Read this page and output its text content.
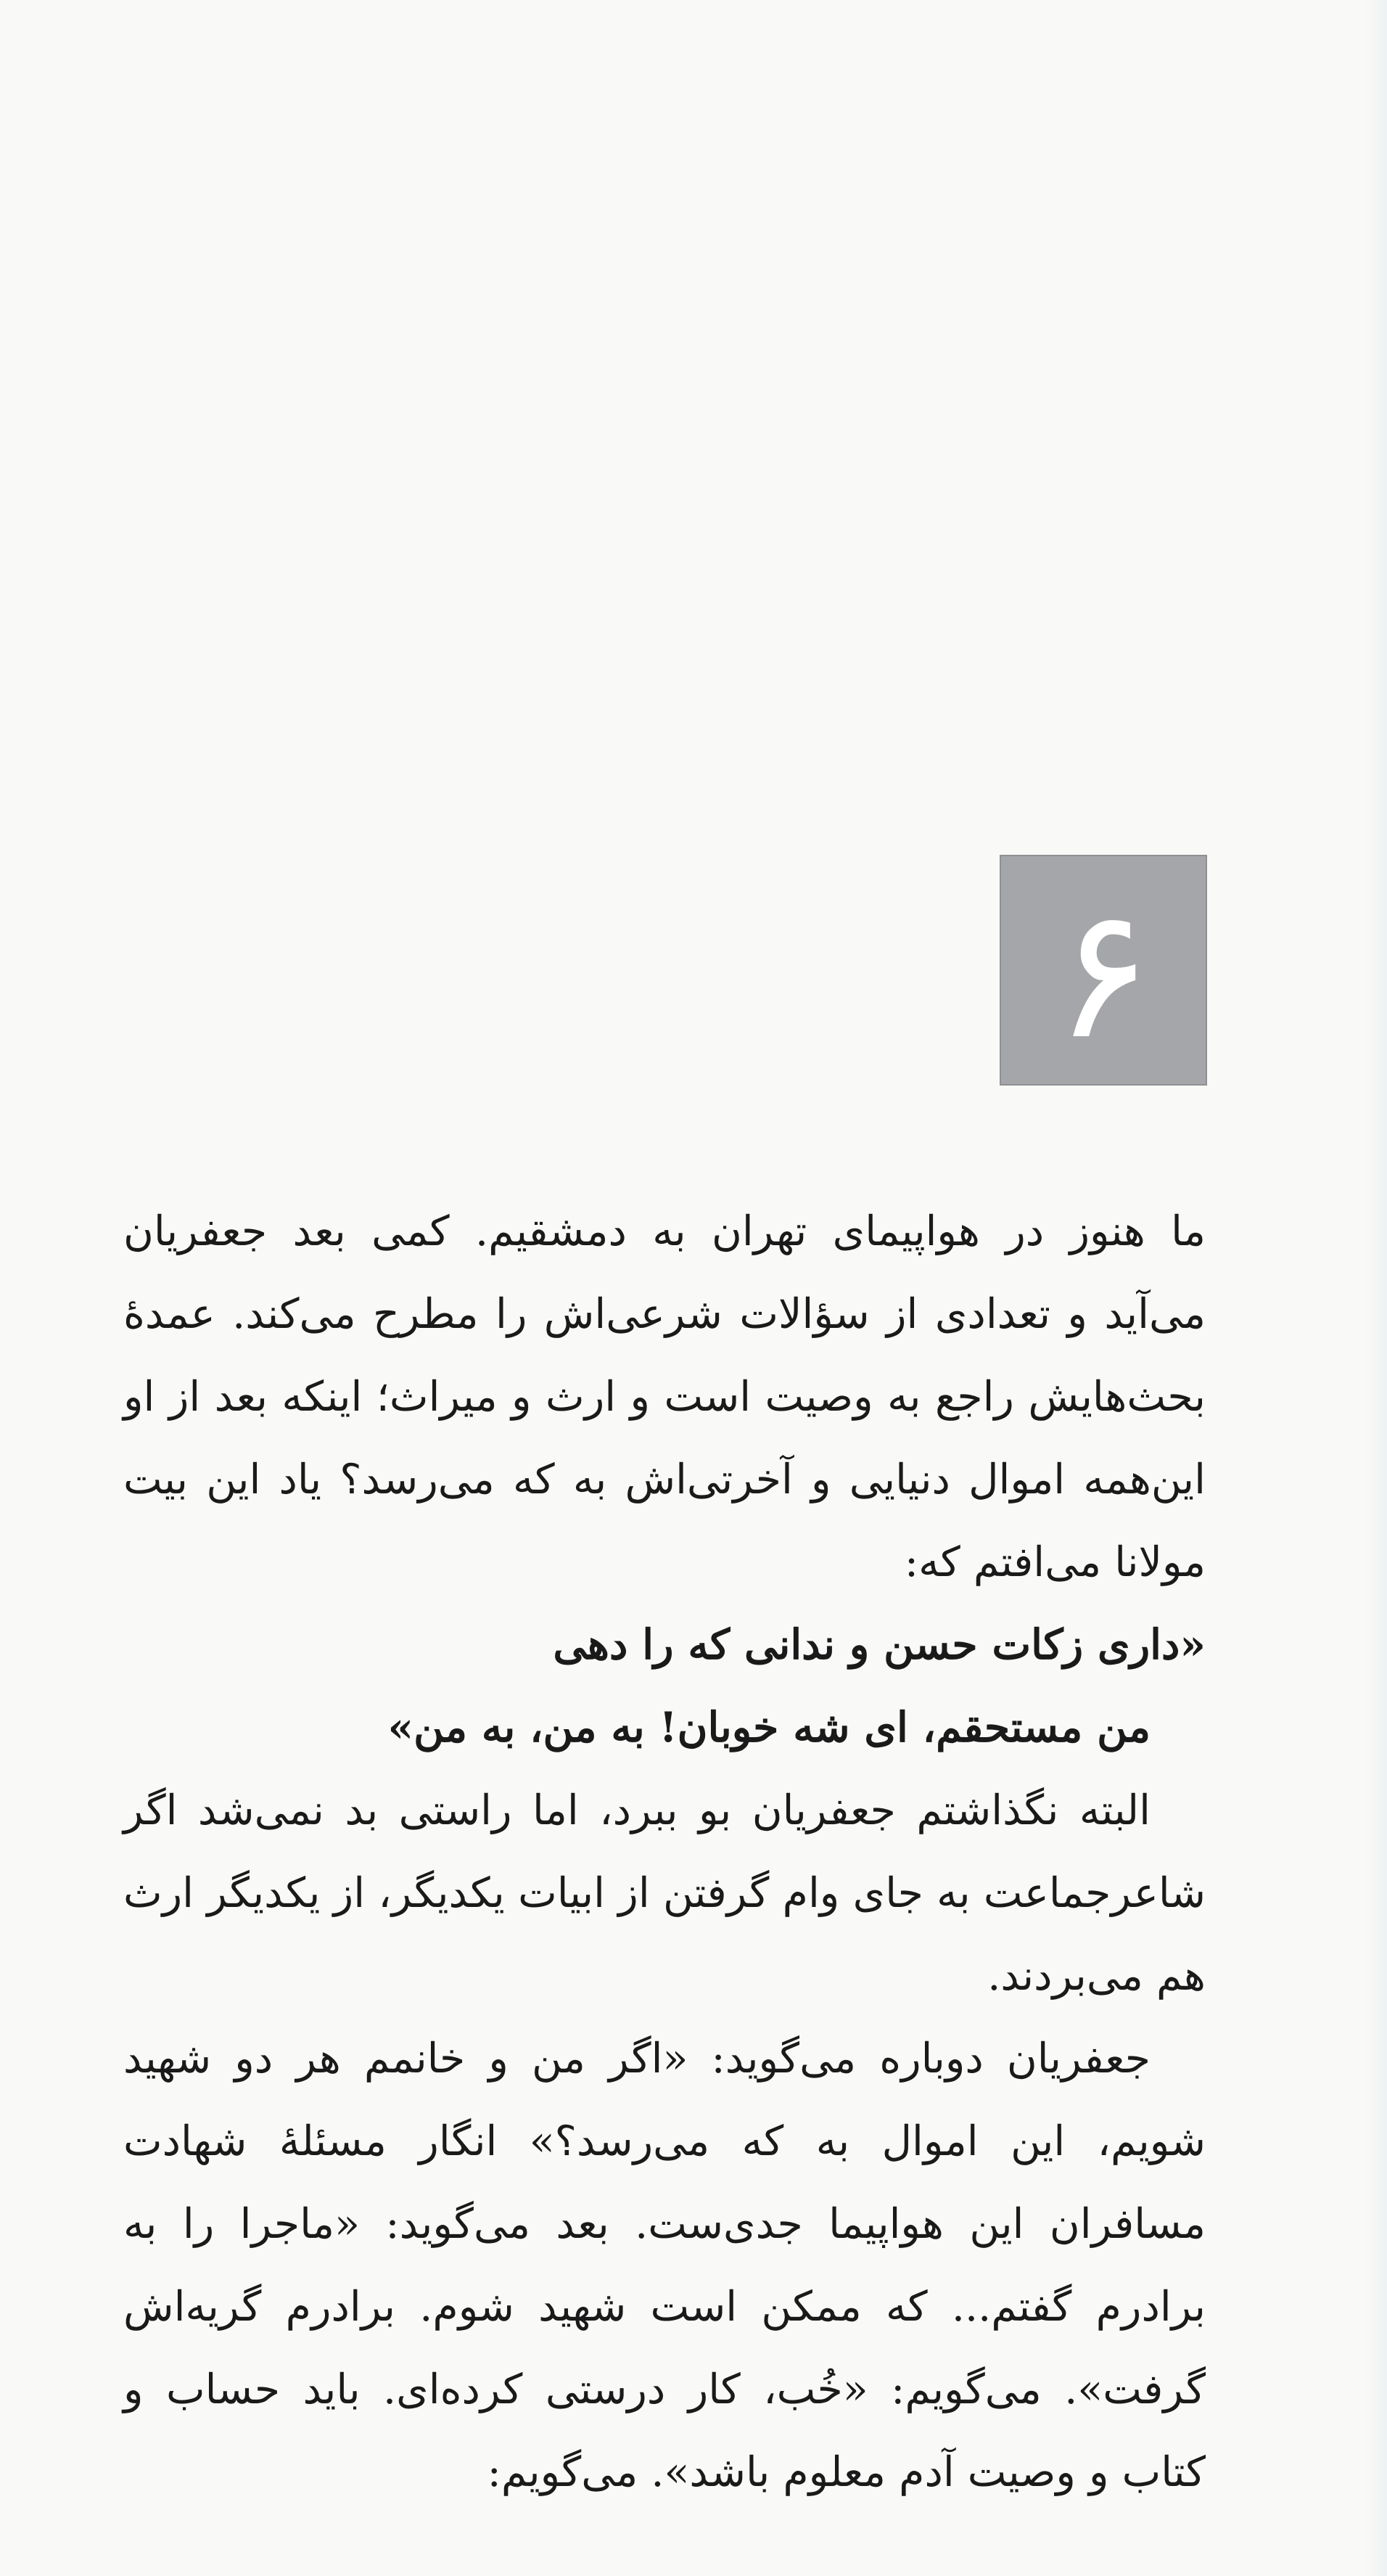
۶

ما هنوز در هواپیمای تهران به دمشقیم. کمی بعد جعفریان می‌آید و تعدادی از سؤالات شرعی‌اش را مطرح می‌کند. عمدهٔ بحث‌هایش راجع به وصیت است و ارث و میراث؛ اینکه بعد از او این‌همه اموال دنیایی و آخرتی‌اش به که می‌رسد؟ یاد این بیت مولانا می‌افتم که:

«داری زکات حسن و ندانی که را دهی
من مستحقم، ای شه خوبان! به من، به من»

البته نگذاشتم جعفریان بو ببرد، اما راستی بد نمی‌شد اگر شاعرجماعت به جای وام گرفتن از ابیات یکدیگر، از یکدیگر ارث هم می‌بردند.

جعفریان دوباره می‌گوید: «اگر من و خانمم هر دو شهید شویم، این اموال به که می‌رسد؟» انگار مسئلهٔ شهادت مسافران این هواپیما جدی‌ست. بعد می‌گوید: «ماجرا را به برادرم گفتم... که ممکن است شهید شوم. برادرم گریه‌اش گرفت». می‌گویم: «خُب، کار درستی کرده‌ای. باید حساب و کتاب و وصیت آدم معلوم باشد». می‌گویم:
